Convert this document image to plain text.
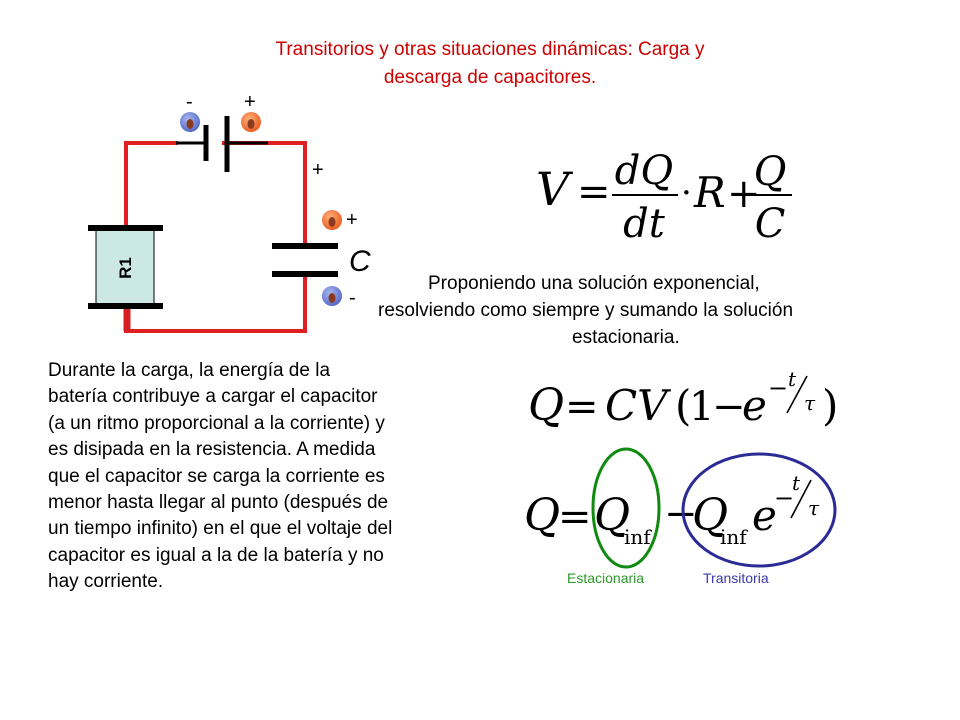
Transitorios y otras situaciones dinámicas: Carga y
descarga de capacitores.
R1
-	+
+
+
-
C
V = dQ
dt
· R +
Q
C
Q = CV (
1
−
e − t
τ )
Q
= Q
inf −
Q
inf e
−
t
τ
Estacionaria	Transitoria
Proponiendo una solución exponencial,
resolviendo como siempre y sumando la solución
estacionaria.
Durante la carga, la energía de la batería contribuye a cargar el capacitor (a un ritmo proporcional a la corriente) y es disipada en la resistencia. A medida que el capacitor se carga la corriente es menor hasta llegar al punto (después de un tiempo infinito) en el que el voltaje del capacitor es igual a la de la batería y no hay corriente.
